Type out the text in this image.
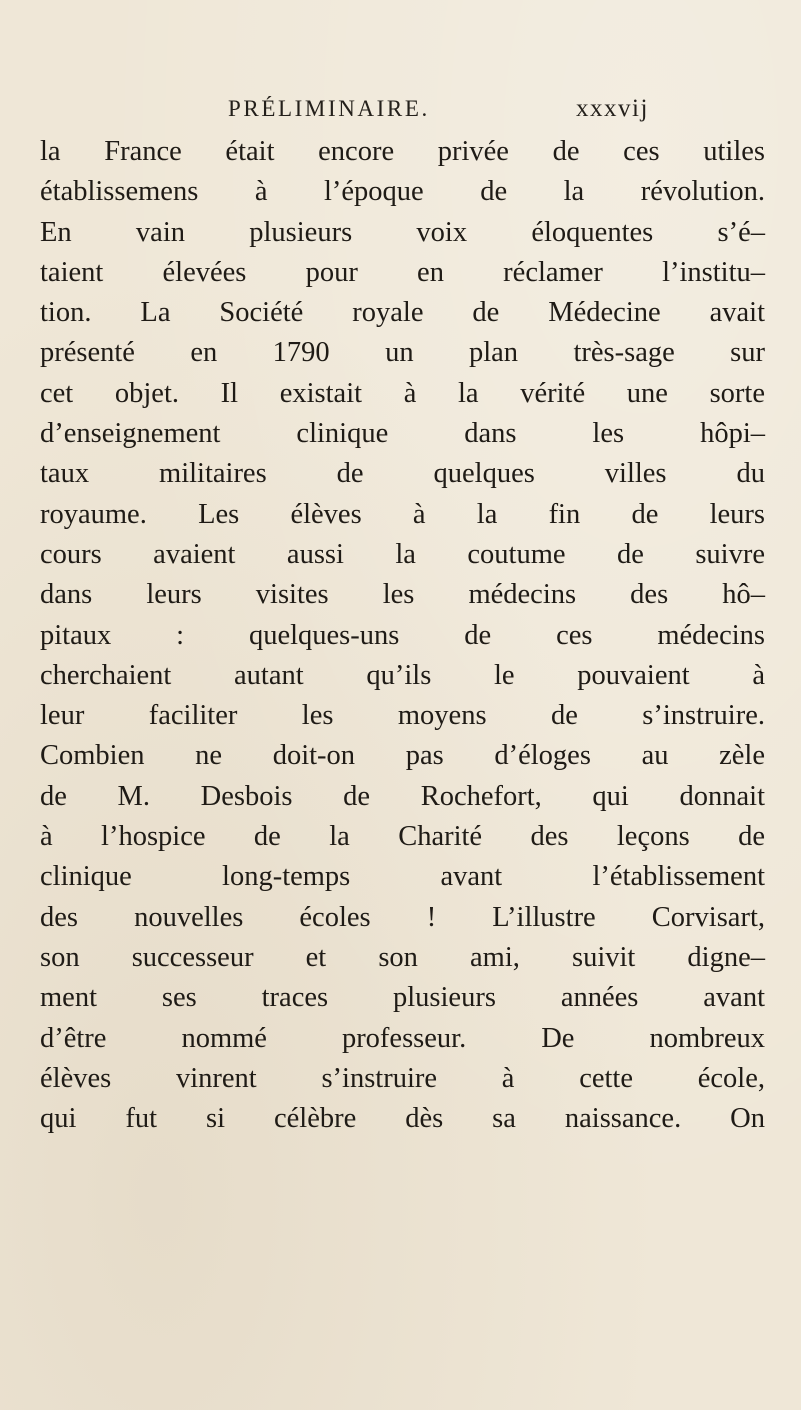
PRÉLIMINAIRE.	xxxvij
la France était encore privée de ces utiles
établissemens à l’époque de la révolution.
En vain plusieurs voix éloquentes s’é–
taient élevées pour en réclamer l’institu–
tion. La Société royale de Médecine avait
présenté en 1790 un plan très-sage sur
cet objet. Il existait à la vérité une sorte
d’enseignement clinique dans les hôpi–
taux militaires de quelques villes du
royaume. Les élèves à la fin de leurs
cours avaient aussi la coutume de suivre
dans leurs visites les médecins des hô–
pitaux : quelques-uns de ces médecins
cherchaient autant qu’ils le pouvaient à
leur faciliter les moyens de s’instruire.
Combien ne doit-on pas d’éloges au zèle
de M. Desbois de Rochefort, qui donnait
à l’hospice de la Charité des leçons de
clinique long-temps avant l’établissement
des nouvelles écoles ! L’illustre Corvisart,
son successeur et son ami, suivit digne–
ment ses traces plusieurs années avant
d’être nommé professeur. De nombreux
élèves vinrent s’instruire à cette école,
qui fut si célèbre dès sa naissance. On
